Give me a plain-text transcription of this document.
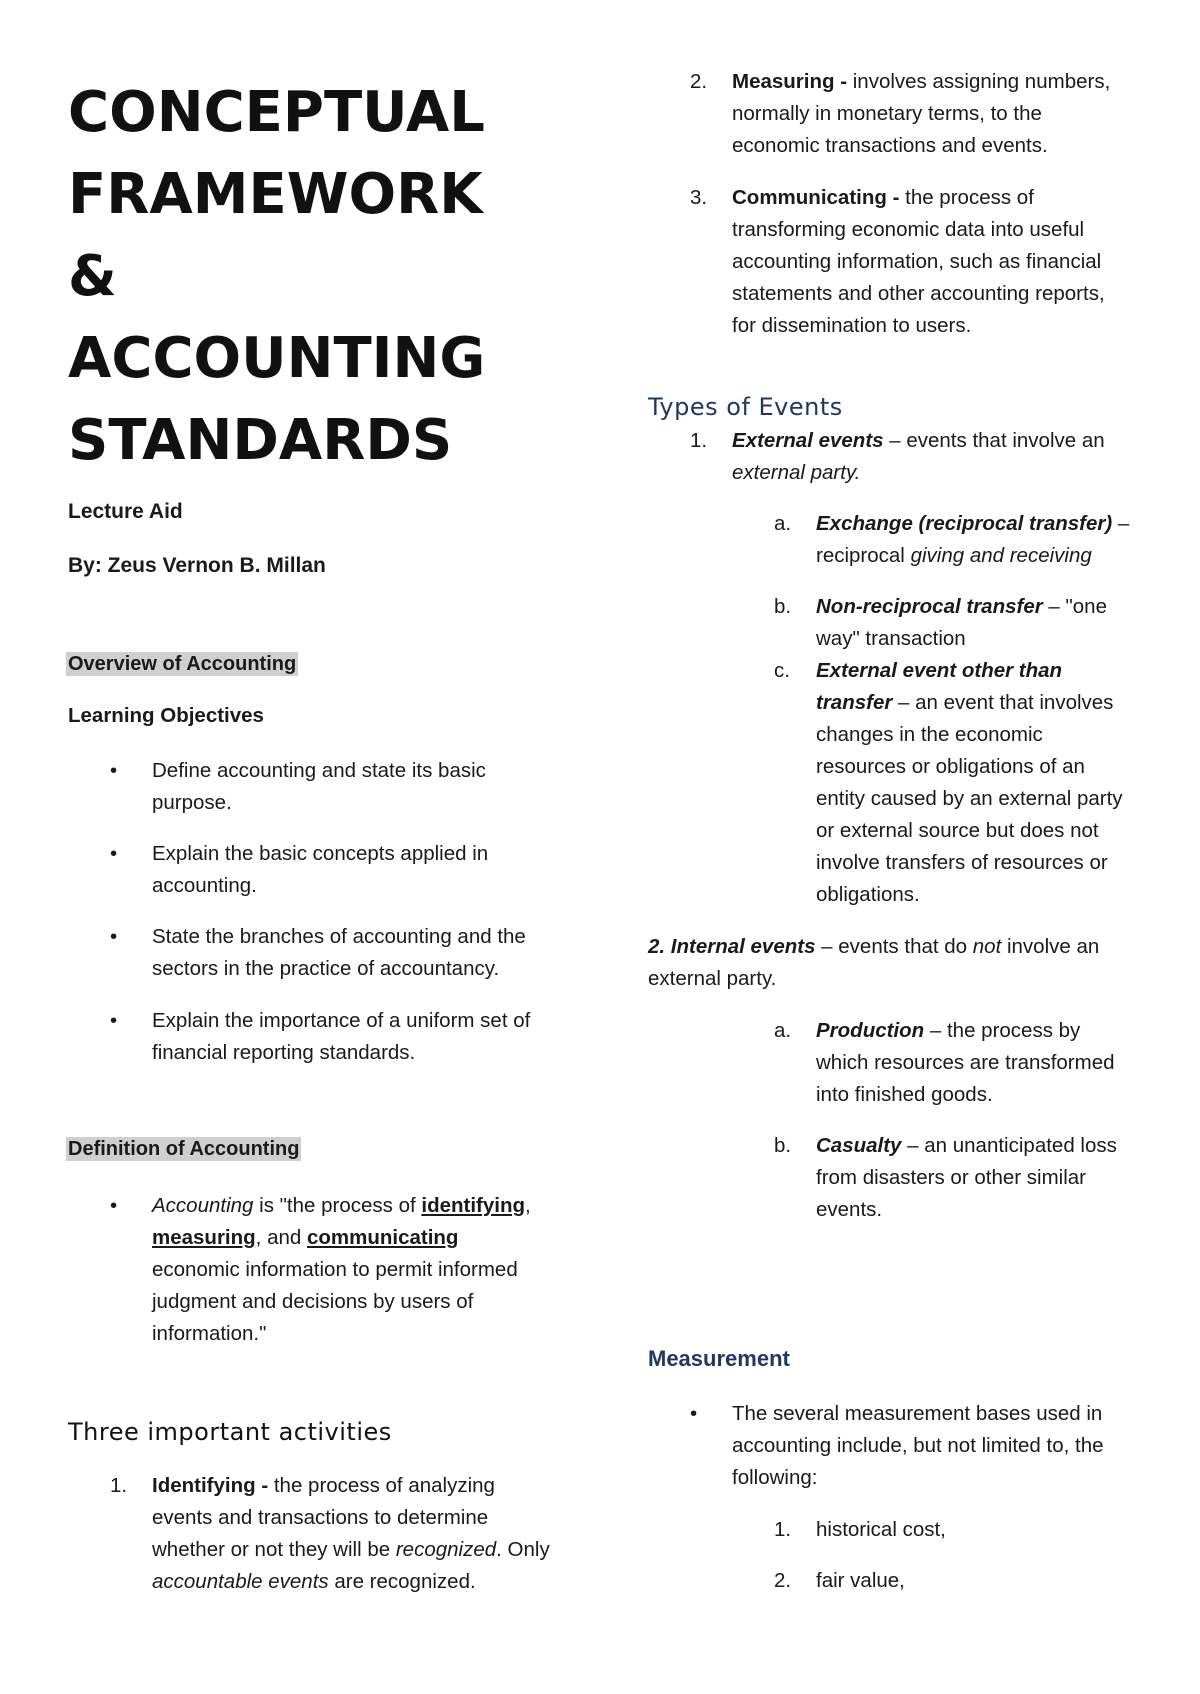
CONCEPTUAL
FRAMEWORK
&
ACCOUNTING
STANDARDS
Lecture Aid
By: Zeus Vernon B. Millan
Overview of Accounting
Learning Objectives
• Define accounting and state its basic
purpose.
• Explain the basic concepts applied in
accounting.
• State the branches of accounting and the
sectors in the practice of accountancy.
• Explain the importance of a uniform set of
financial reporting standards.
Definition of Accounting
• Accounting is "the process of identifying,
measuring, and communicating
economic information to permit informed
judgment and decisions by users of
information."
Three important activities
1. Identifying - the process of analyzing
events and transactions to determine
whether or not they will be recognized. Only
accountable events are recognized.
2. Measuring - involves assigning numbers,
normally in monetary terms, to the
economic transactions and events.
3. Communicating - the process of
transforming economic data into useful
accounting information, such as financial
statements and other accounting reports,
for dissemination to users.
Types of Events
1. External events – events that involve an
external party.
a. Exchange (reciprocal transfer) –
reciprocal giving and receiving
b. Non-reciprocal transfer – "one
way" transaction
c. External event other than
transfer – an event that involves
changes in the economic
resources or obligations of an
entity caused by an external party
or external source but does not
involve transfers of resources or
obligations.
2. Internal events – events that do not involve an
external party.
a. Production – the process by
which resources are transformed
into finished goods.
b. Casualty – an unanticipated loss
from disasters or other similar
events.
Measurement
• The several measurement bases used in
accounting include, but not limited to, the
following:
1. historical cost,
2. fair value,
